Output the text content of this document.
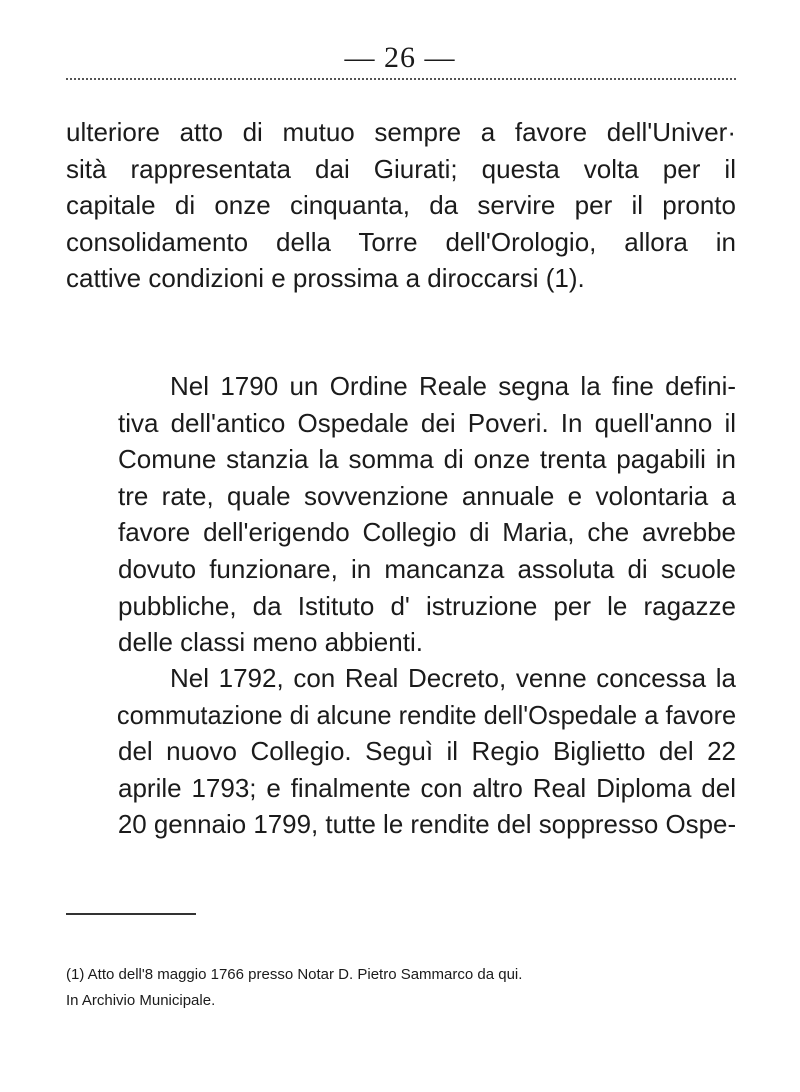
— 26 —
ulteriore atto di mutuo sempre a favore dell'Univer·
sità rappresentata dai Giurati; questa volta per il
capitale di onze cinquanta, da servire per il pronto
consolidamento della Torre dell'Orologio, allora in
cattive condizioni e prossima a diroccarsi (1).
Nel 1790 un Ordine Reale segna la fine defini-
tiva dell'antico Ospedale dei Poveri. In quell'anno il
Comune stanzia la somma di onze trenta pagabili in
tre rate, quale sovvenzione annuale e volontaria a
favore dell'erigendo Collegio di Maria, che avrebbe
dovuto funzionare, in mancanza assoluta di scuole
pubbliche, da Istituto d' istruzione per le ragazze
delle classi meno abbienti.
Nel 1792, con Real Decreto, venne concessa la
commutazione di alcune rendite dell'Ospedale a favore
del nuovo Collegio. Seguì il Regio Biglietto del 22
aprile 1793; e finalmente con altro Real Diploma del
20 gennaio 1799, tutte le rendite del soppresso Ospe-
(1) Atto dell'8 maggio 1766 presso Notar D. Pietro Sammarco da qui.
In Archivio Municipale.
